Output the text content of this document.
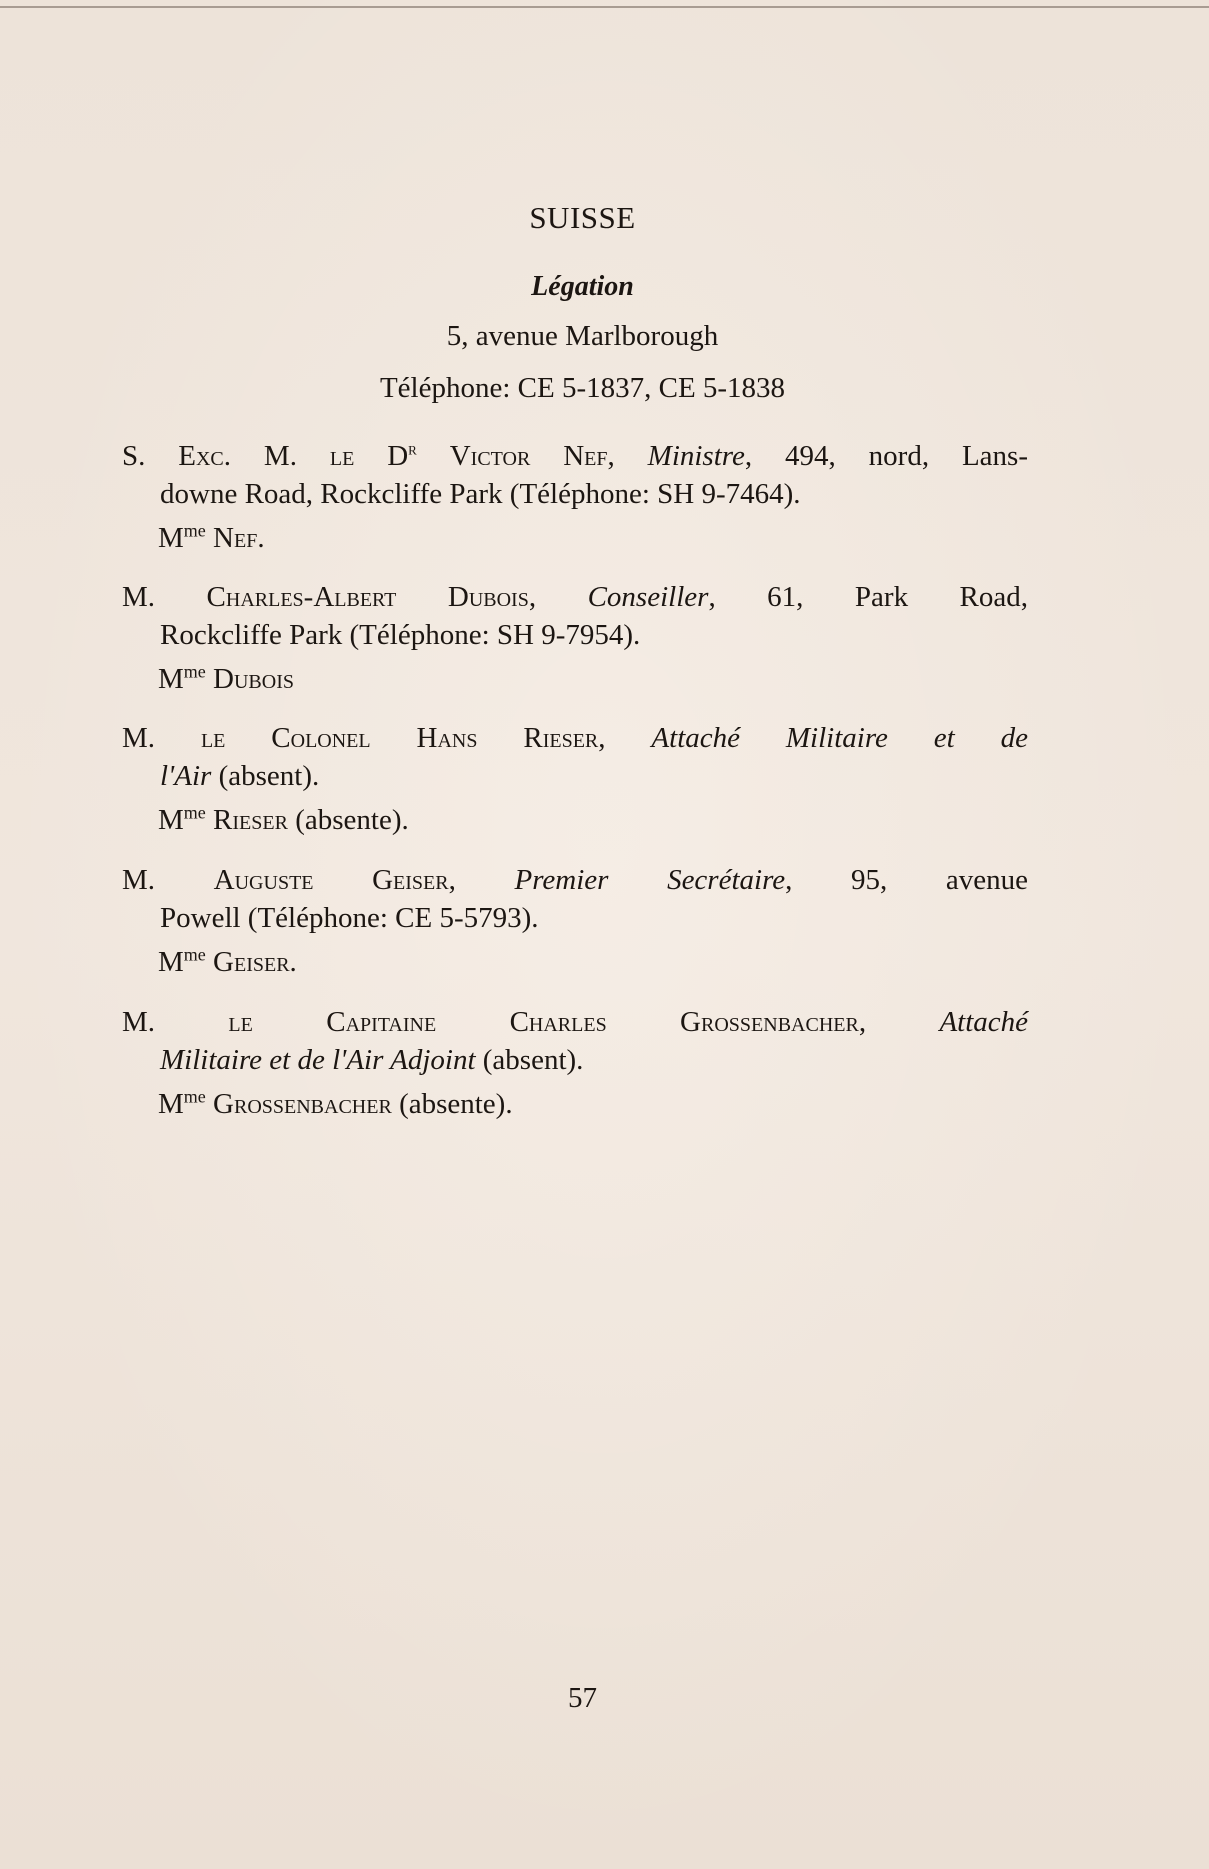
SUISSE
Légation
5, avenue Marlborough
Téléphone: CE 5-1837, CE 5-1838
S. Exc. M. le $D^r$ Victor Nef, Ministre, 494, nord, Lans-
downe Road, Rockcliffe Park (Téléphone: SH 9-7464).
$M^{me}$ Nef.
M. Charles-Albert Dubois, Conseiller, 61, Park Road,
Rockcliffe Park (Téléphone: SH 9-7954).
$M^{me}$ Dubois
M. le Colonel Hans Rieser, Attaché Militaire et de
l'Air (absent).
$M^{me}$ Rieser (absente).
M. Auguste Geiser, Premier Secrétaire, 95, avenue
Powell (Téléphone: CE 5-5793).
$M^{me}$ Geiser.
M.	le Capitaine	Charles Grossenbacher,	Attaché
Militaire et de l'Air Adjoint (absent).
$M^{me}$ Grossenbacher (absente).
57
